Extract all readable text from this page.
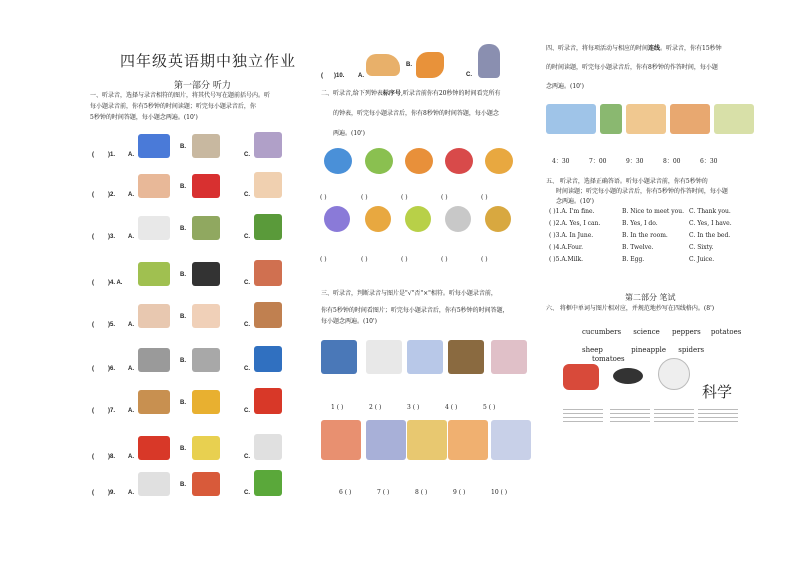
四年级英语期中独立作业
第一部分 听力
一、听录音，选择与录音相符的图片，将其代号写在题前括号内。听
每小题录音前，你有5秒钟的时间读题；听完每小题录音后，你
5秒钟的时间答题，每小题念两遍。(10')
( )1. A.
B.
C.
( )2. A.
B.
C.
( )3. A.
B.
C.
( )4. A.
B.
C.
( )5. A.
B.
C.
( )6. A.
B.
C.
( )7. A.
B.
C.
( )8. A.
B.
C.
( )9. A.
B.
C.
( )10. A.
B.
C.
二、听录音,给下列钟表标序号,听录音前你有20秒钟的时间看完所有
的钟表，听完每小题录音后，你有8秒钟的时间答题，每小题念
两遍。(10')
( )
( )
( )
( )
( )
( )
( )
( )
( )
( )
三、听录音，判断录音与图片是"√"否"×"相符。听每小题录音前，
你有5秒钟的时间看图片；听完每小题录音后，你有5秒钟的时间答题，
每小题念两遍。(10')
1 ( )
6 ( )
2 ( )
7 ( )
3 ( )
8 ( )
4 ( )
9 ( )
5 ( )
10 ( )
四、听录音，将每项活动与相应的时间连线。听录音，你有15秒钟
的时间读题，听完每小题录音后，你有8秒钟的作答时间，每小题
念两遍。(10')
4：30	7：00	9：30	8：00	6：30
五、 听录音，选择正确答语。听每小题录音前，你有5秒钟的
时间读题；听完每小题的录音后，你有5秒钟的作答时间，每小题
念两遍。(10')
( )1.A. I'm fine.	B. Nice to meet you. C. Thank you.
( )2.A. Yes, I can.	B. Yes, I do.	C. Yes, I have.
( )3.A. In June.	B. In the room.	C. In the bed.
( )4.A.Four.	B. Twelve.	C. Sixty.
( )5.A.Milk.	B. Egg.	C. Juice.
第二部分 笔试
六、 将框中单词与图片相对应，并规范地抄写在四线格内。(8')
cucumbers science peppers potatoes
sheep	pineapple spiders tomatoes
科学
